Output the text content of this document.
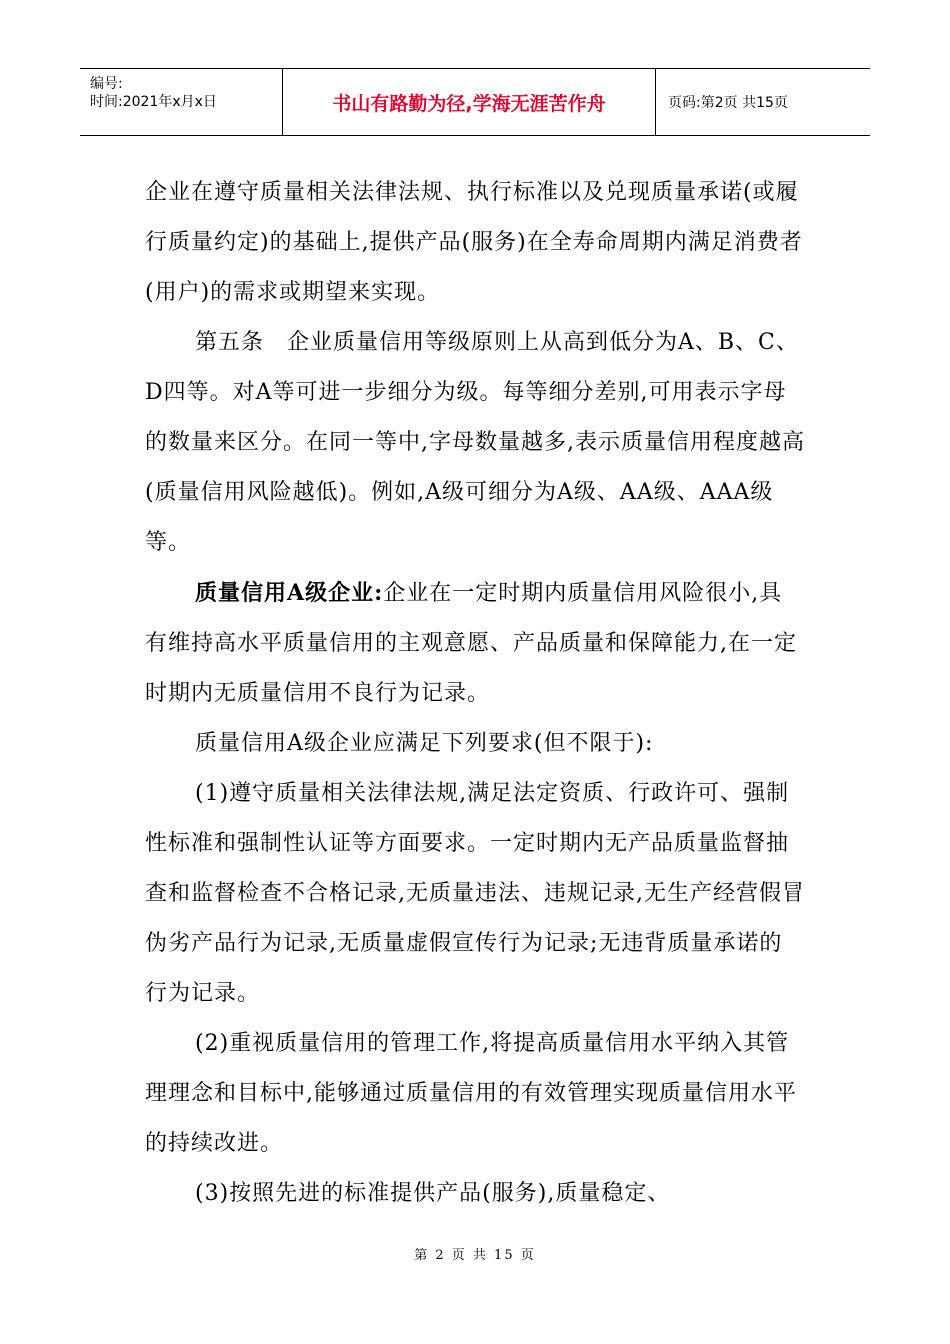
编号:
时间:2021年x月x日	书山有路勤为径,学海无涯苦作舟	页码:第2页 共15页

企业在遵守质量相关法律法规、执行标准以及兑现质量承诺(或履行质量约定)的基础上,提供产品(服务)在全寿命周期内满足消费者(用户)的需求或期望来实现。

第五条　企业质量信用等级原则上从高到低分为A、B、C、D四等。对A等可进一步细分为级。每等细分差别,可用表示字母的数量来区分。在同一等中,字母数量越多,表示质量信用程度越高(质量信用风险越低)。例如,A级可细分为A级、AA级、AAA级等。

质量信用A级企业:企业在一定时期内质量信用风险很小,具有维持高水平质量信用的主观意愿、产品质量和保障能力,在一定时期内无质量信用不良行为记录。

质量信用A级企业应满足下列要求(但不限于):

(1)遵守质量相关法律法规,满足法定资质、行政许可、强制性标准和强制性认证等方面要求。一定时期内无产品质量监督抽查和监督检查不合格记录,无质量违法、违规记录,无生产经营假冒伪劣产品行为记录,无质量虚假宣传行为记录;无违背质量承诺的行为记录。

(2)重视质量信用的管理工作,将提高质量信用水平纳入其管理理念和目标中,能够通过质量信用的有效管理实现质量信用水平的持续改进。

(3)按照先进的标准提供产品(服务),质量稳定、

第 2 页 共 15 页
